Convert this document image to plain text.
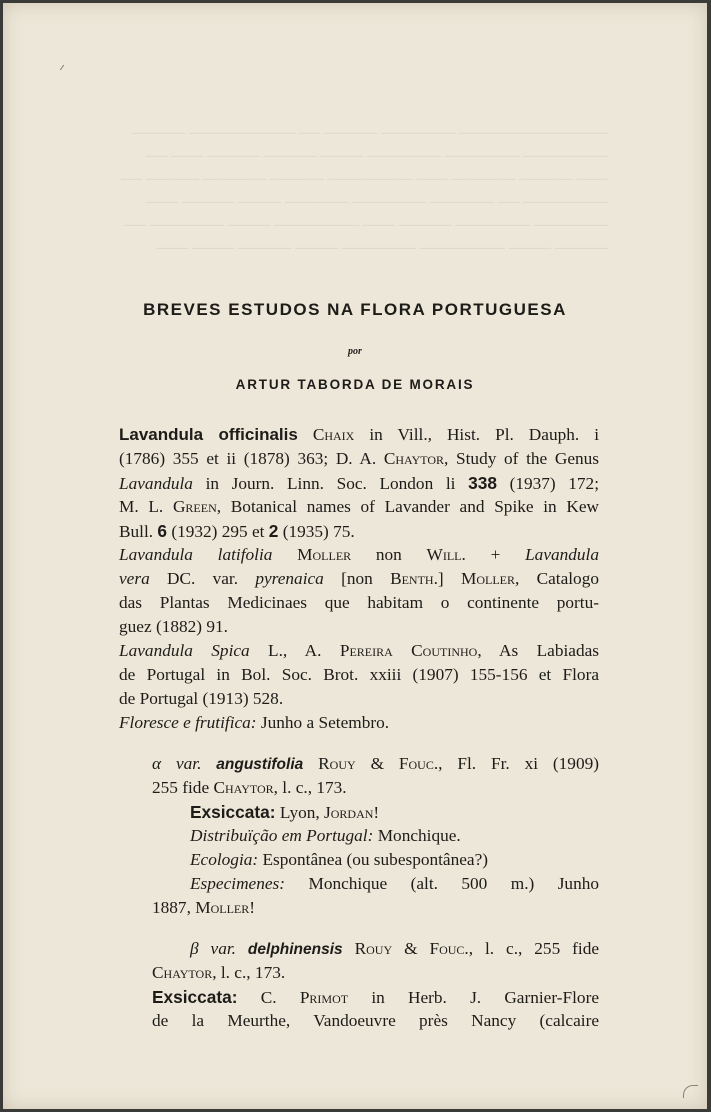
────────────── ─────── ───── ── ────────── ─────
──────── ─────── ─────── ──── ───── ───── ─── ──
─── ───── ────── ─── ──────── ───── ────── ───── ──
──────── ── ────── ─────── ────── ──── ───── ───
─────── ─────── ───── ─── ──────── ──── ─────── ──
───── ──── ──────── ─────── ──── ───── ──── ───
BREVES ESTUDOS NA FLORA PORTUGUESA
por
ARTUR TABORDA DE MORAIS
Lavandula officinalis Chaix in Vill., Hist. Pl. Dauph. i
(1786) 355 et ii (1878) 363; D. A. Chaytor, Study of the Genus
Lavandula in Journ. Linn. Soc. London li 338 (1937) 172;
M. L. Green, Botanical names of Lavander and Spike in Kew
Bull. 6 (1932) 295 et 2 (1935) 75.
Lavandula latifolia Moller non Will. + Lavandula
vera DC. var. pyrenaica [non Benth.] Moller, Catalogo
das Plantas Medicinaes que habitam o continente portu-
guez (1882) 91.
Lavandula Spica L., A. Pereira Coutinho, As Labiadas
de Portugal in Bol. Soc. Brot. xxiii (1907) 155-156 et Flora
de Portugal (1913) 528.
Floresce e frutifica: Junho a Setembro.
α var. angustifolia Rouy & Fouc., Fl. Fr. xi (1909)
255 fide Chaytor, l. c., 173.
Exsiccata: Lyon, Jordan!
Distribuïção em Portugal: Monchique.
Ecologia: Espontânea (ou subespontânea?)
Especimenes: Monchique (alt. 500 m.) Junho
1887, Moller!
β var. delphinensis Rouy & Fouc., l. c., 255 fide
Chaytor, l. c., 173.
Exsiccata: C. Primot in Herb. J. Garnier-Flore
de la Meurthe, Vandoeuvre près Nancy (calcaire
